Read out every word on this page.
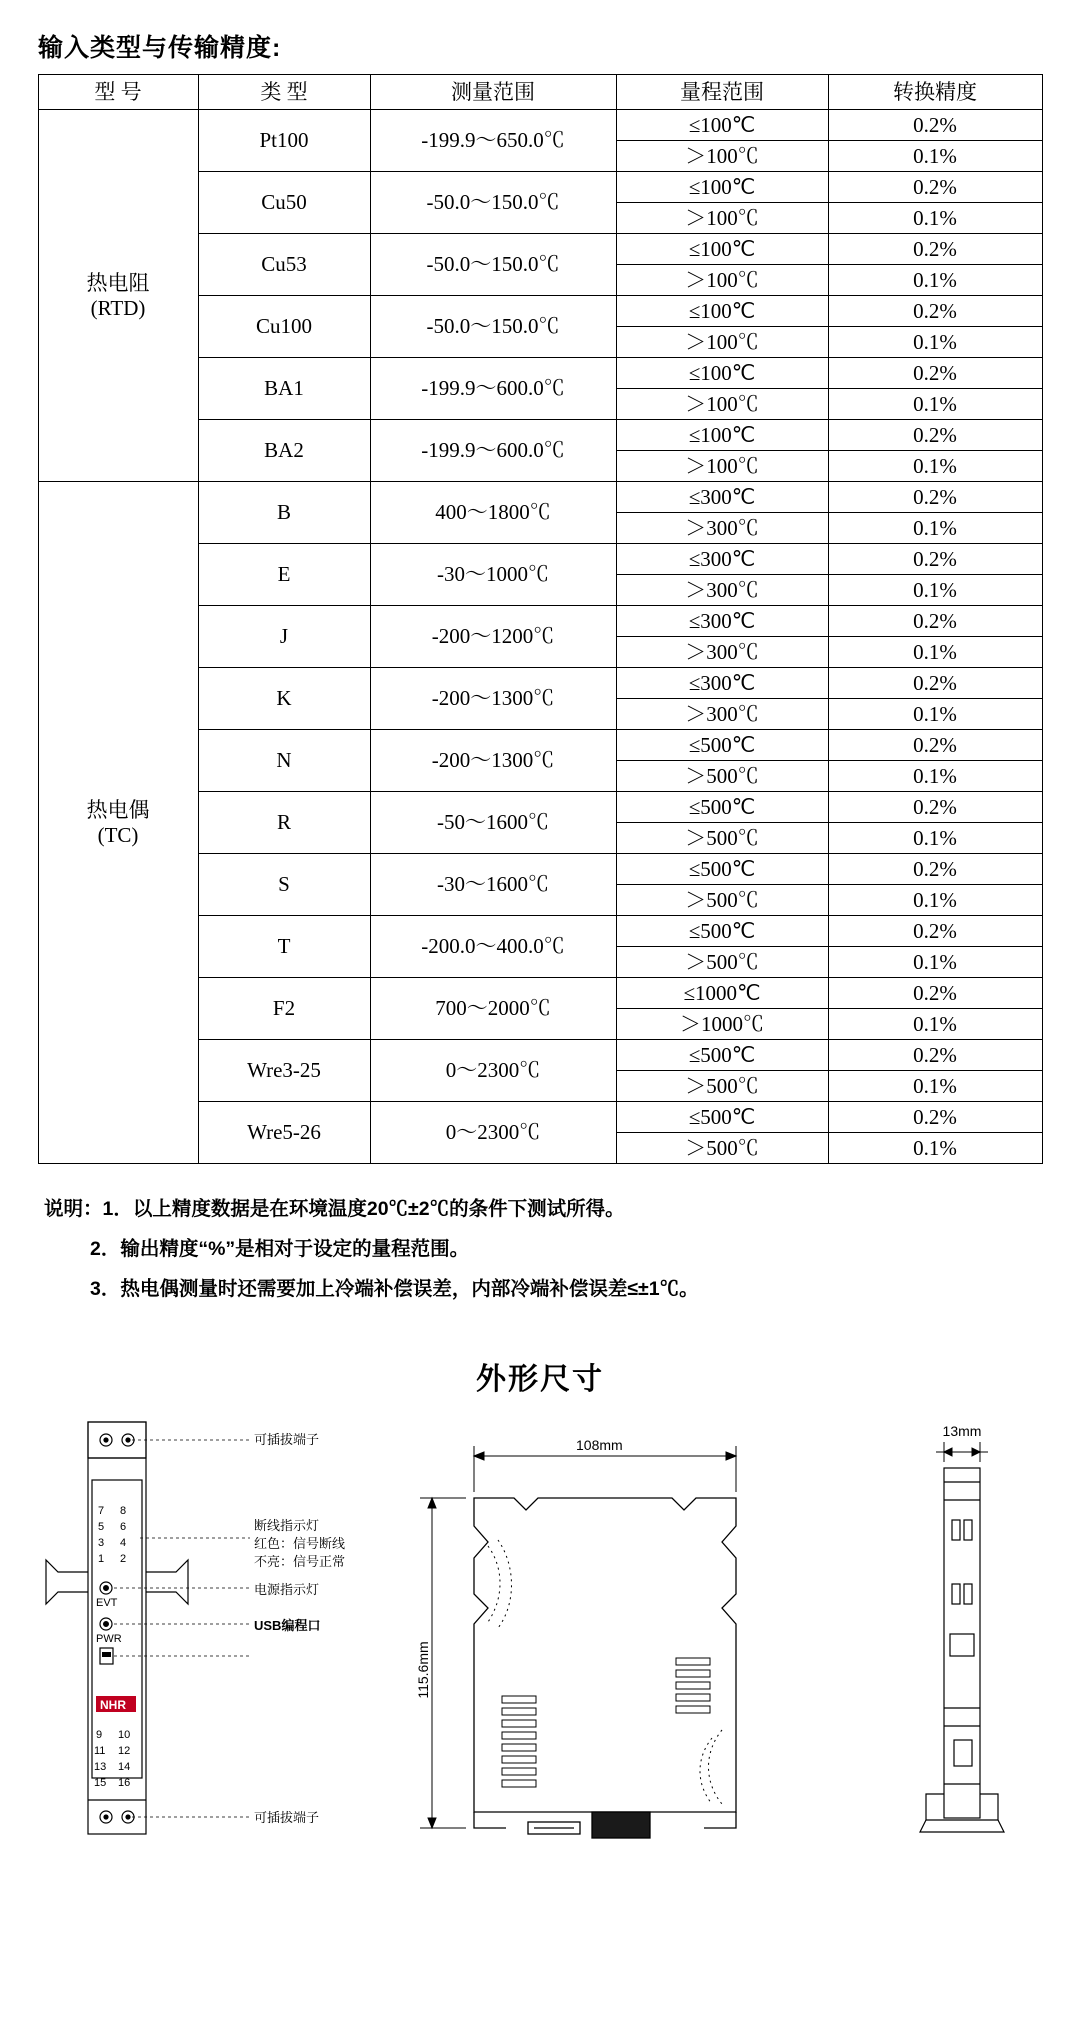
输入类型与传输精度:
型 号	类 型	测量范围	量程范围	转换精度

热电阻
(RTD)	Pt100	-199.9～650.0℃	≤100℃	0.2%
			＞100℃	0.1%
	Cu50	-50.0～150.0℃	≤100℃	0.2%
			＞100℃	0.1%
	Cu53	-50.0～150.0℃	≤100℃	0.2%
			＞100℃	0.1%
	Cu100	-50.0～150.0℃	≤100℃	0.2%
			＞100℃	0.1%
	BA1	-199.9～600.0℃	≤100℃	0.2%
			＞100℃	0.1%
	BA2	-199.9～600.0℃	≤100℃	0.2%
			＞100℃	0.1%

热电偶
(TC)	B	400～1800℃	≤300℃	0.2%
			＞300℃	0.1%
	E	-30～1000℃	≤300℃	0.2%
			＞300℃	0.1%
	J	-200～1200℃	≤300℃	0.2%
			＞300℃	0.1%
	K	-200～1300℃	≤300℃	0.2%
			＞300℃	0.1%
	N	-200～1300℃	≤500℃	0.2%
			＞500℃	0.1%
	R	-50～1600℃	≤500℃	0.2%
			＞500℃	0.1%
	S	-30～1600℃	≤500℃	0.2%
			＞500℃	0.1%
	T	-200.0～400.0℃	≤500℃	0.2%
			＞500℃	0.1%
	F2	700～2000℃	≤1000℃	0.2%
			＞1000℃	0.1%
	Wre3-25	0～2300℃	≤500℃	0.2%
			＞500℃	0.1%
	Wre5-26	0～2300℃	≤500℃	0.2%
			＞500℃	0.1%
说明：1．以上精度数据是在环境温度20℃±2℃的条件下测试所得。
2．输出精度“%”是相对于设定的量程范围。
3．热电偶测量时还需要加上冷端补偿误差，内部冷端补偿误差≤±1℃。
外形尺寸
7 8
5 6
3 4
1 2
EVT
PWR
NHR
9 10
11 12
13 14
15 16
可插拔端子
断线指示灯
红色：信号断线
不亮：信号正常
电源指示灯
USB编程口
可插拔端子
108mm
115.6mm
13mm
